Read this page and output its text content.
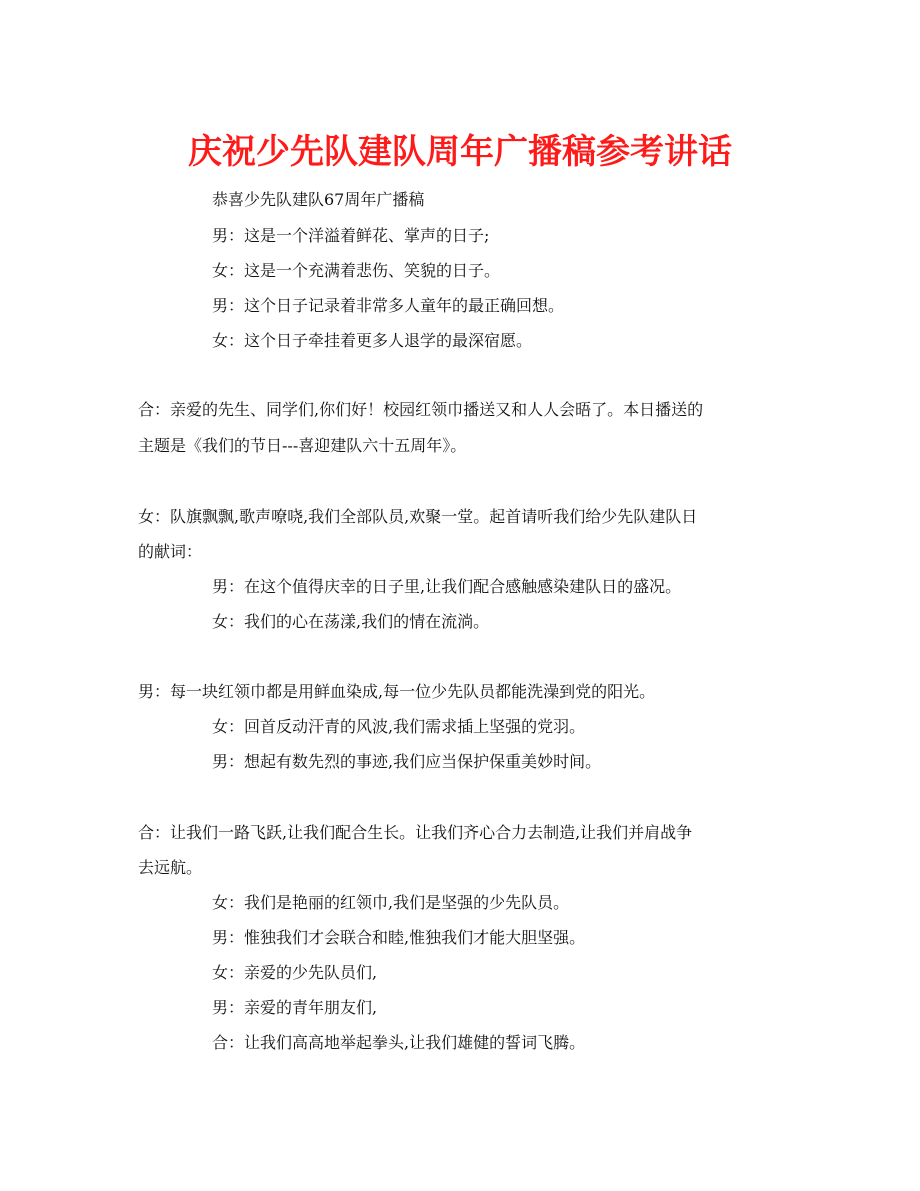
庆祝少先队建队周年广播稿参考讲话
恭喜少先队建队67周年广播稿
男：这是一个洋溢着鲜花、掌声的日子;
女：这是一个充满着悲伤、笑貌的日子。
男：这个日子记录着非常多人童年的最正确回想。
女：这个日子牵挂着更多人退学的最深宿愿。
合：亲爱的先生、同学们,你们好！校园红领巾播送又和人人会晤了。本日播送的
主题是《我们的节日---喜迎建队六十五周年》。
女：队旗飘飘,歌声嘹哓,我们全部队员,欢聚一堂。起首请听我们给少先队建队日
的献词：
男：在这个值得庆幸的日子里,让我们配合感触感染建队日的盛况。
女：我们的心在荡漾,我们的情在流淌。
男：每一块红领巾都是用鲜血染成,每一位少先队员都能洗澡到党的阳光。
女：回首反动汗青的风波,我们需求插上坚强的党羽。
男：想起有数先烈的事迹,我们应当保护保重美妙时间。
合：让我们一路飞跃,让我们配合生长。让我们齐心合力去制造,让我们并肩战争
去远航。
女：我们是艳丽的红领巾,我们是坚强的少先队员。
男：惟独我们才会联合和睦,惟独我们才能大胆坚强。
女：亲爱的少先队员们,
男：亲爱的青年朋友们,
合：让我们高高地举起拳头,让我们雄健的誓词飞腾。
